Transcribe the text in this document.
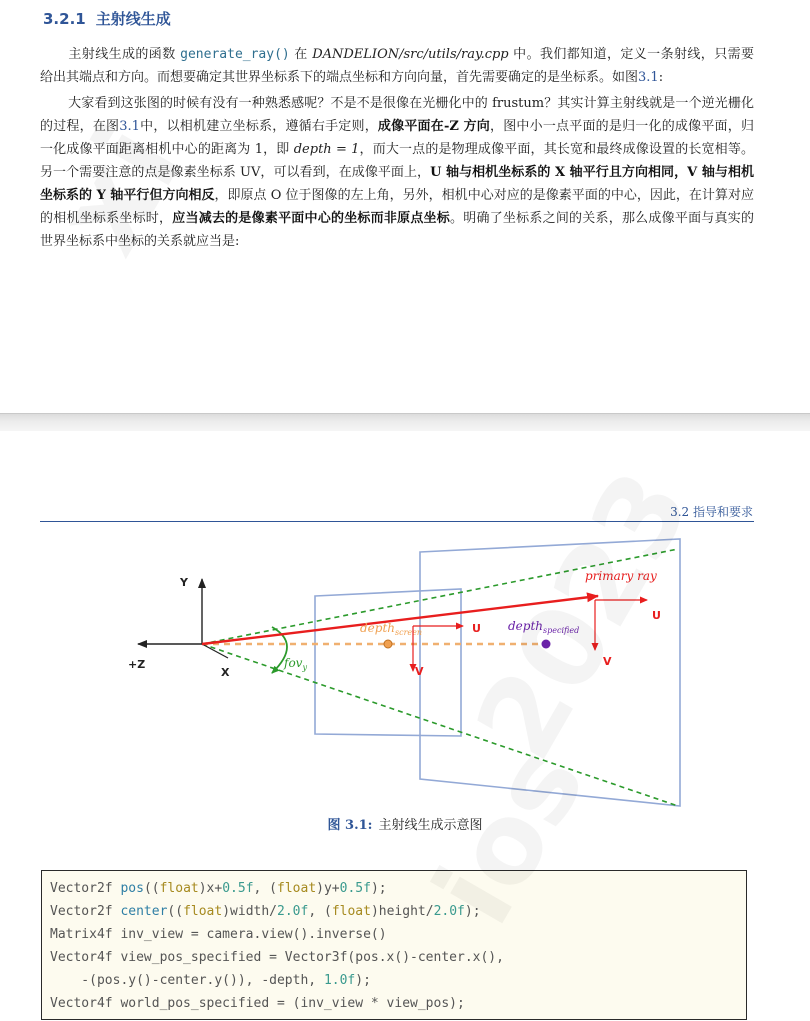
3.2.1 主射线生成
主射线生成的函数 generate_ray() 在 DANDELION/src/utils/ray.cpp 中。我们都知道，定义一条射线，只需要给出其端点和方向。而想要确定其世界坐标系下的端点坐标和方向向量，首先需要确定的是坐标系。如图3.1:
大家看到这张图的时候有没有一种熟悉感呢？不是不是很像在光栅化中的 frustum？其实计算主射线就是一个逆光栅化的过程，在图3.1中，以相机建立坐标系，遵循右手定则，成像平面在-Z 方向，图中小一点平面的是归一化的成像平面，归一化成像平面距离相机中心的距离为 1，即 depth = 1，而大一点的是物理成像平面，其长宽和最终成像设置的长宽相等。另一个需要注意的点是像素坐标系 UV，可以看到，在成像平面上，U 轴与相机坐标系的 X 轴平行且方向相同，V 轴与相机坐标系的 Y 轴平行但方向相反，即原点 O 位于图像的左上角，另外，相机中心对应的是像素平面的中心，因此，在计算对应的相机坐标系坐标时，应当减去的是像素平面中心的坐标而非原点坐标。明确了坐标系之间的关系，那么成像平面与真实的世界坐标系中坐标的关系就应当是:
3.2 指导和要求
Y
+Z
X
fov$_y$
primary ray
depth$_{screen}$	U
V
depth$_{specified}$
U
V
图 3.1: 主射线生成示意图
Vector2f pos((float)x+0.5f, (float)y+0.5f);
Vector2f center((float)width/2.0f, (float)height/2.0f);
Matrix4f inv_view = camera.view().inverse()
Vector4f view_pos_specified = Vector3f(pos.x()-center.x(),
-(pos.y()-center.y()), -depth, 1.0f);
Vector4f world_pos_specified = (inv_view * view_pos);
